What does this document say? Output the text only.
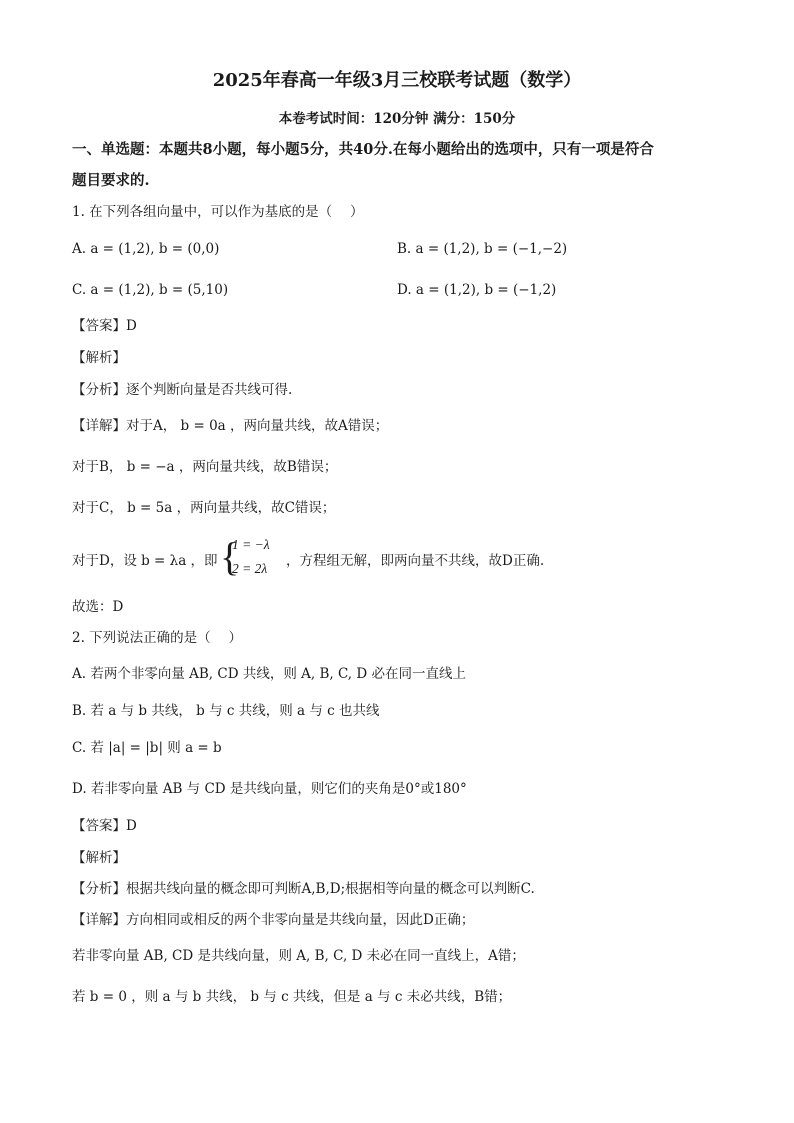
2025年春高一年级3月三校联考试题（数学）
本卷考试时间：120分钟 满分：150分
一、单选题：本题共8小题，每小题5分，共40分.在每小题给出的选项中，只有一项是符合
题目要求的.
1. 在下列各组向量中，可以作为基底的是（　 ）
A. a = (1,2), b = (0,0)	B. a = (1,2), b = (−1,−2)
C. a = (1,2), b = (5,10)	D. a = (1,2), b = (−1,2)
【答案】D
【解析】
【分析】逐个判断向量是否共线可得.
【详解】对于A， b = 0a ，两向量共线，故A错误；
对于B， b = −a ，两向量共线，故B错误；
对于C， b = 5a ，两向量共线，故C错误；
对于D，设 b = λa ，即 {
1 = −λ
2 = 2λ ，方程组无解，即两向量不共线，故D正确.
故选：D
2. 下列说法正确的是（　 ）
A. 若两个非零向量 AB, CD 共线，则 A, B, C, D 必在同一直线上
B. 若 a 与 b 共线， b 与 c 共线，则 a 与 c 也共线
C. 若 |a| = |b| 则 a = b
D. 若非零向量 AB 与 CD 是共线向量，则它们的夹角是0°或180°
【答案】D
【解析】
【分析】根据共线向量的概念即可判断A,B,D;根据相等向量的概念可以判断C.
【详解】方向相同或相反的两个非零向量是共线向量，因此D正确；
若非零向量 AB, CD 是共线向量，则 A, B, C, D 未必在同一直线上，A错；
若 b = 0 ，则 a 与 b 共线， b 与 c 共线，但是 a 与 c 未必共线，B错；
